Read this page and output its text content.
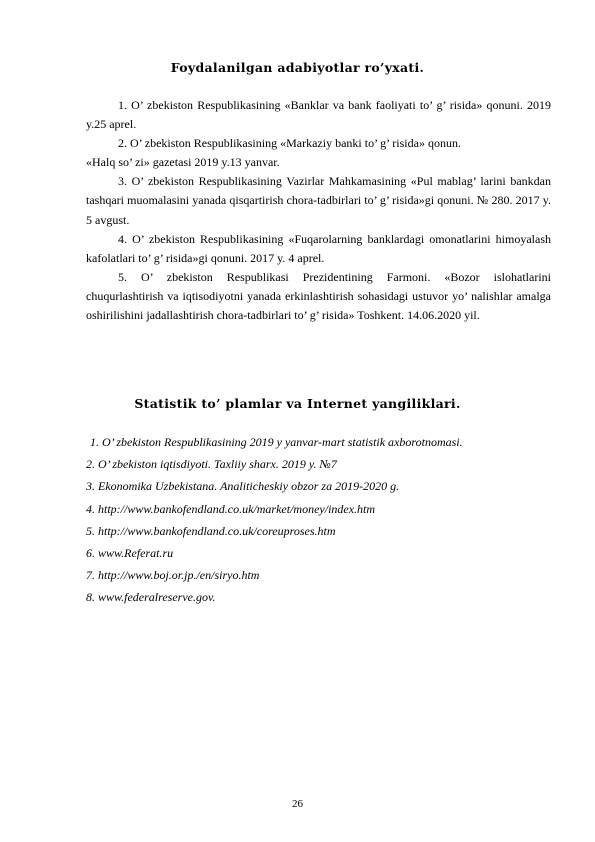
Foydalanilgan adabiyotlar ro’yxati.

1. O’ zbekiston Respublikasining «Banklar va bank faoliyati to’ g’ risida» qonuni. 2019 y.25 aprel.

2. O’ zbekiston Respublikasining «Markaziy banki to’ g’ risida» qonun.

«Halq so’ zi» gazetasi 2019 y.13 yanvar.

3. O’ zbekiston Respublikasining Vazirlar Mahkamasining «Pul mablag’ larini bankdan tashqari muomalasini yanada qisqartirish chora-tadbirlari to’ g’ risida»gi qonuni. № 280. 2017 y. 5 avgust.

4. O’ zbekiston Respublikasining «Fuqarolarning banklardagi omonatlarini himoyalash kafolatlari to’ g’ risida»gi qonuni. 2017 y. 4 aprel.

5. O’ zbekiston Respublikasi Prezidentining Farmoni. «Bozor islohatlarini chuqurlashtirish va iqtisodiyotni yanada erkinlashtirish sohasidagi ustuvor yo’ nalishlar amalga oshirilishini jadallashtirish chora-tadbirlari to’ g’ risida» Toshkent. 14.06.2020 yil.

Statistik to’ plamlar va Internet yangiliklari.
1. O’ zbekiston Respublikasining 2019 y yanvar-mart statistik axborotnomasi.
2. O’ zbekiston iqtisdiyoti. Taxliiy sharx. 2019 y. №7
3. Ekonomika Uzbekistana. Analiticheskiy obzor za 2019-2020 g.
4. http://www.bankofendland.co.uk/market/money/index.htm
5. http://www.bankofendland.co.uk/coreuproses.htm
6. www.Referat.ru
7. http://www.boj.or.jp./en/siryo.htm
8. www.federalreserve.gov.
26
